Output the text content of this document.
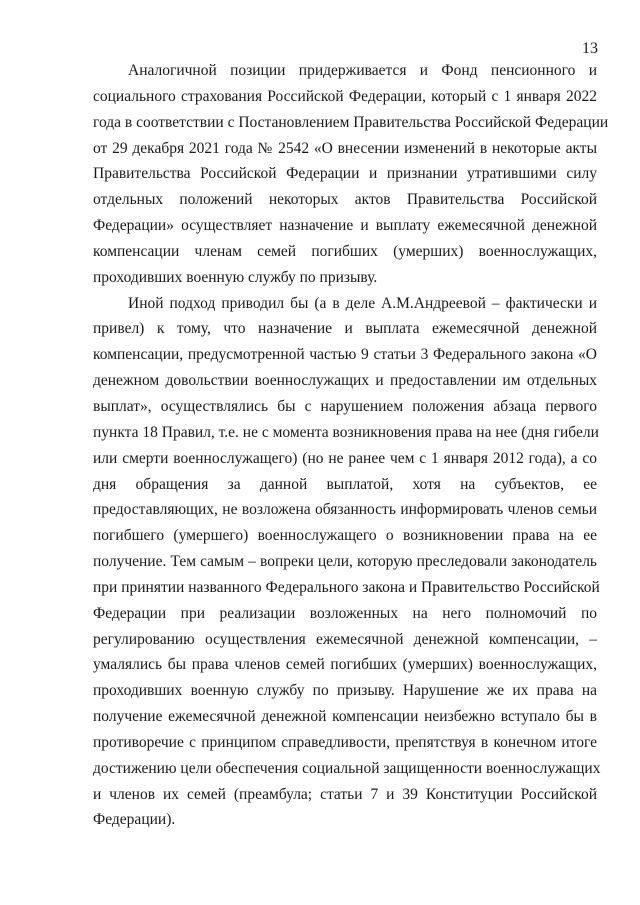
13
Аналогичной позиции придерживается и Фонд пенсионного и
социального страхования Российской Федерации, который с 1 января 2022
года в соответствии с Постановлением Правительства Российской Федерации
от 29 декабря 2021 года № 2542 «О внесении изменений в некоторые акты
Правительства Российской Федерации и признании утратившими силу
отдельных положений некоторых актов Правительства Российской
Федерации» осуществляет назначение и выплату ежемесячной денежной
компенсации членам семей погибших (умерших) военнослужащих,
проходивших военную службу по призыву.
Иной подход приводил бы (а в деле А.М.Андреевой – фактически и
привел) к тому, что назначение и выплата ежемесячной денежной
компенсации, предусмотренной частью 9 статьи 3 Федерального закона «О
денежном довольствии военнослужащих и предоставлении им отдельных
выплат», осуществлялись бы с нарушением положения абзаца первого
пункта 18 Правил, т.е. не с момента возникновения права на нее (дня гибели
или смерти военнослужащего) (но не ранее чем с 1 января 2012 года), а со
дня обращения за данной выплатой, хотя на субъектов, ее
предоставляющих, не возложена обязанность информировать членов семьи
погибшего (умершего) военнослужащего о возникновении права на ее
получение. Тем самым – вопреки цели, которую преследовали законодатель
при принятии названного Федерального закона и Правительство Российской
Федерации при реализации возложенных на него полномочий по
регулированию осуществления ежемесячной денежной компенсации, –
умалялись бы права членов семей погибших (умерших) военнослужащих,
проходивших военную службу по призыву. Нарушение же их права на
получение ежемесячной денежной компенсации неизбежно вступало бы в
противоречие с принципом справедливости, препятствуя в конечном итоге
достижению цели обеспечения социальной защищенности военнослужащих
и членов их семей (преамбула; статьи 7 и 39 Конституции Российской
Федерации).
